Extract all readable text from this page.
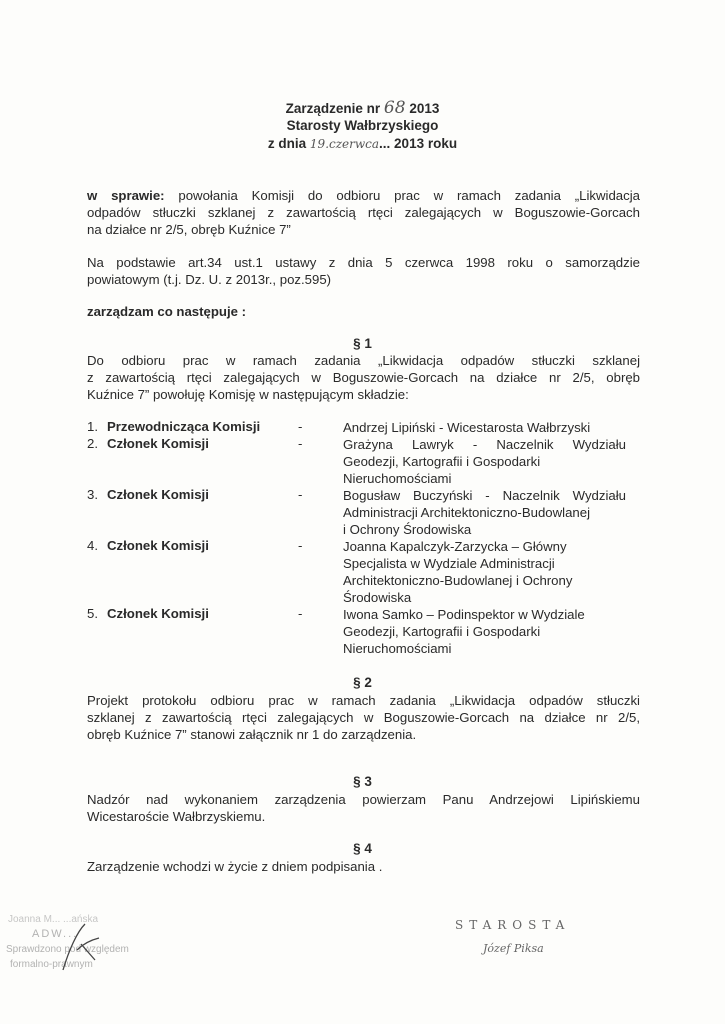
Zarządzenie nr 68 2013
Starosty Wałbrzyskiego
z dnia 19.czerwca... 2013 roku
w sprawie: powołania Komisji do odbioru prac w ramach zadania „Likwidacja
odpadów stłuczki szklanej z zawartością rtęci zalegających w Boguszowie-Gorcach
na działce nr 2/5, obręb Kuźnice 7”
Na podstawie art.34 ust.1 ustawy z dnia 5 czerwca 1998 roku o samorządzie
powiatowym (t.j. Dz. U. z 2013r., poz.595)
zarządzam co następuje :
§ 1
Do odbioru prac w ramach zadania „Likwidacja odpadów stłuczki szklanej
z zawartością rtęci zalegających w Boguszowie-Gorcach na działce nr 2/5, obręb
Kuźnice 7” powołuję Komisję w następującym składzie:
1. Przewodnicząca Komisji	-	Andrzej Lipiński - Wicestarosta Wałbrzyski
2. Członek Komisji	-	Grażyna Lawryk - Naczelnik Wydziału
Geodezji, Kartografii i Gospodarki
Nieruchomościami
3. Członek Komisji	-	Bogusław Buczyński - Naczelnik Wydziału
Administracji Architektoniczno-Budowlanej
i Ochrony Środowiska
4. Członek Komisji	-	Joanna Kapalczyk-Zarzycka – Główny
Specjalista w Wydziale Administracji
Architektoniczno-Budowlanej i Ochrony
Środowiska
5. Członek Komisji	-	Iwona Samko – Podinspektor w Wydziale
Geodezji, Kartografii i Gospodarki
Nieruchomościami
§ 2
Projekt protokołu odbioru prac w ramach zadania „Likwidacja odpadów stłuczki
szklanej z zawartością rtęci zalegających w Boguszowie-Gorcach na działce nr 2/5,
obręb Kuźnice 7” stanowi załącznik nr 1 do zarządzenia.
§ 3
Nadzór nad wykonaniem zarządzenia powierzam Panu Andrzejowi Lipińskiemu
Wicestaroście Wałbrzyskiemu.
§ 4
Zarządzenie wchodzi w życie z dniem podpisania .
Joanna M... ...ańska
ADW...
Sprawdzono pod względem
formalno-prawnym
STAROSTA
Józef Piksa
